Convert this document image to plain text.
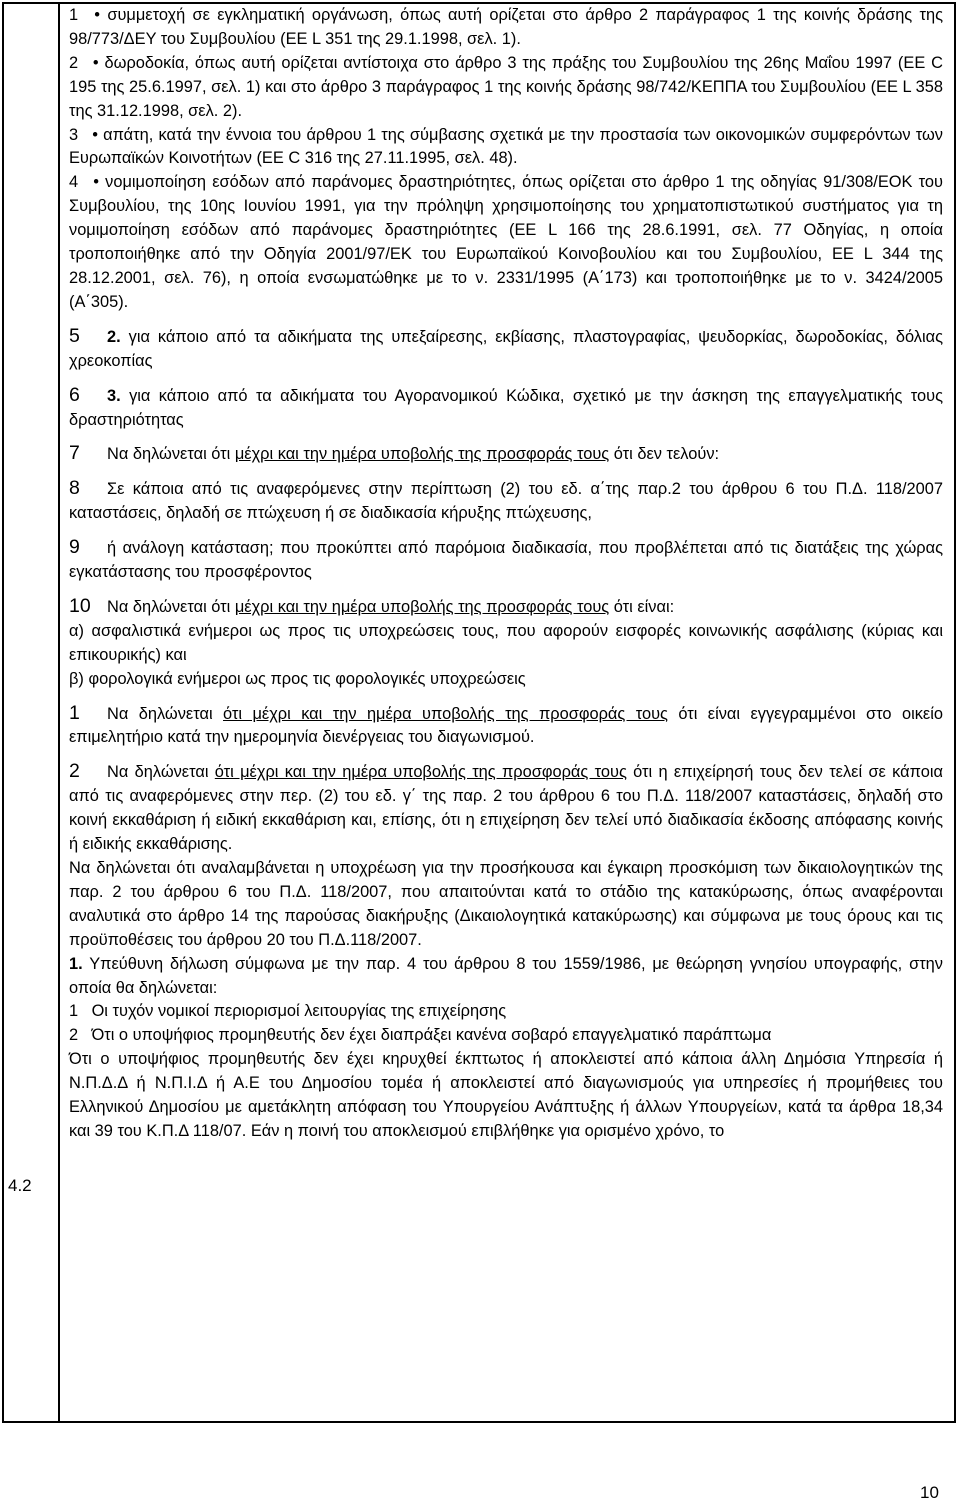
4.2

1 • συμμετοχή σε εγκληματική οργάνωση, όπως αυτή ορίζεται στο άρθρο 2 παράγραφος 1 της κοινής δράσης της 98/773/ΔΕΥ του Συμβουλίου (ΕΕ L 351 της 29.1.1998, σελ. 1).

2 • δωροδοκία, όπως αυτή ορίζεται αντίστοιχα στο άρθρο 3 της πράξης του Συμβουλίου της 26ης Μαΐου 1997 (ΕΕ C 195 της 25.6.1997, σελ. 1) και στο άρθρο 3 παράγραφος 1 της κοινής δράσης 98/742/ΚΕΠΠΑ του Συμβουλίου (ΕΕ L 358 της 31.12.1998, σελ. 2).

3 • απάτη, κατά την έννοια του άρθρου 1 της σύμβασης σχετικά με την προστασία των οικονομικών συμφερόντων των Ευρωπαϊκών Κοινοτήτων (ΕΕ C 316 της 27.11.1995, σελ. 48).

4 • νομιμοποίηση εσόδων από παράνομες δραστηριότητες, όπως ορίζεται στο άρθρο 1 της οδηγίας 91/308/ΕΟΚ του Συμβουλίου, της 10ης Ιουνίου 1991, για την πρόληψη χρησιμοποίησης του χρηματοπιστωτικού συστήματος για τη νομιμοποίηση εσόδων από παράνομες δραστηριότητες (ΕΕ L 166 της 28.6.1991, σελ. 77 Οδηγίας, η οποία τροποποιήθηκε από την Οδηγία 2001/97/ΕΚ του Ευρωπαϊκού Κοινοβουλίου και του Συμβουλίου, ΕΕ L 344 της 28.12.2001, σελ. 76), η οποία ενσωματώθηκε με το ν. 2331/1995 (Α΄173) και τροποποιήθηκε με το ν. 3424/2005 (Α΄305).

5 2. για κάποιο από τα αδικήματα της υπεξαίρεσης, εκβίασης, πλαστογραφίας, ψευδορκίας, δωροδοκίας, δόλιας χρεοκοπίας

6 3. για κάποιο από τα αδικήματα του Αγορανομικού Κώδικα, σχετικό με την άσκηση της επαγγελματικής τους δραστηριότητας

7 Να δηλώνεται ότι μέχρι και την ημέρα υποβολής της προσφοράς τους ότι δεν τελούν:

8 Σε κάποια από τις αναφερόμενες στην περίπτωση (2) του εδ. α΄της παρ.2 του άρθρου 6 του Π.Δ. 118/2007 καταστάσεις, δηλαδή σε πτώχευση ή σε διαδικασία κήρυξης πτώχευσης,

9 ή ανάλογη κατάσταση; που προκύπτει από παρόμοια διαδικασία, που προβλέπεται από τις διατάξεις της χώρας εγκατάστασης του προσφέροντος

10 Να δηλώνεται ότι μέχρι και την ημέρα υποβολής της προσφοράς τους ότι είναι:

α) ασφαλιστικά ενήμεροι ως προς τις υποχρεώσεις τους, που αφορούν εισφορές κοινωνικής ασφάλισης (κύριας και επικουρικής) και

β) φορολογικά ενήμεροι ως προς τις φορολογικές υποχρεώσεις

1 Να δηλώνεται ότι μέχρι και την ημέρα υποβολής της προσφοράς τους ότι είναι εγγεγραμμένοι στο οικείο επιμελητήριο κατά την ημερομηνία διενέργειας του διαγωνισμού.

2 Να δηλώνεται ότι μέχρι και την ημέρα υποβολής της προσφοράς τους ότι η επιχείρησή τους δεν τελεί σε κάποια από τις αναφερόμενες στην περ. (2) του εδ. γ΄ της παρ. 2 του άρθρου 6 του Π.Δ. 118/2007 καταστάσεις, δηλαδή στο κοινή εκκαθάριση ή ειδική εκκαθάριση και, επίσης, ότι η επιχείρηση δεν τελεί υπό διαδικασία έκδοσης απόφασης κοινής ή ειδικής εκκαθάρισης.

Να δηλώνεται ότι αναλαμβάνεται η υποχρέωση για την προσήκουσα και έγκαιρη προσκόμιση των δικαιολογητικών της παρ. 2 του άρθρου 6 του Π.Δ. 118/2007, που απαιτούνται κατά το στάδιο της κατακύρωσης, όπως αναφέρονται αναλυτικά στο άρθρο 14 της παρούσας διακήρυξης (Δικαιολογητικά κατακύρωσης) και σύμφωνα με τους όρους και τις προϋποθέσεις του άρθρου 20 του Π.Δ.118/2007.

1. Υπεύθυνη δήλωση σύμφωνα με την παρ. 4 του άρθρου 8 του 1559/1986, με θεώρηση γνησίου υπογραφής, στην οποία θα δηλώνεται:

1 Οι τυχόν νομικοί περιορισμοί λειτουργίας της επιχείρησης

2 Ότι ο υποψήφιος προμηθευτής δεν έχει διαπράξει κανένα σοβαρό επαγγελματικό παράπτωμα

Ότι ο υποψήφιος προμηθευτής δεν έχει κηρυχθεί έκπτωτος ή αποκλειστεί από κάποια άλλη Δημόσια Υπηρεσία ή Ν.Π.Δ.Δ ή Ν.Π.Ι.Δ ή Α.Ε του Δημοσίου τομέα ή αποκλειστεί από διαγωνισμούς για υπηρεσίες ή προμήθειες του Ελληνικού Δημοσίου με αμετάκλητη απόφαση του Υπουργείου Ανάπτυξης ή άλλων Υπουργείων, κατά τα άρθρα 18,34 και 39 του Κ.Π.Δ 118/07. Εάν η ποινή του αποκλεισμού επιβλήθηκε για ορισμένο χρόνο, το

10
